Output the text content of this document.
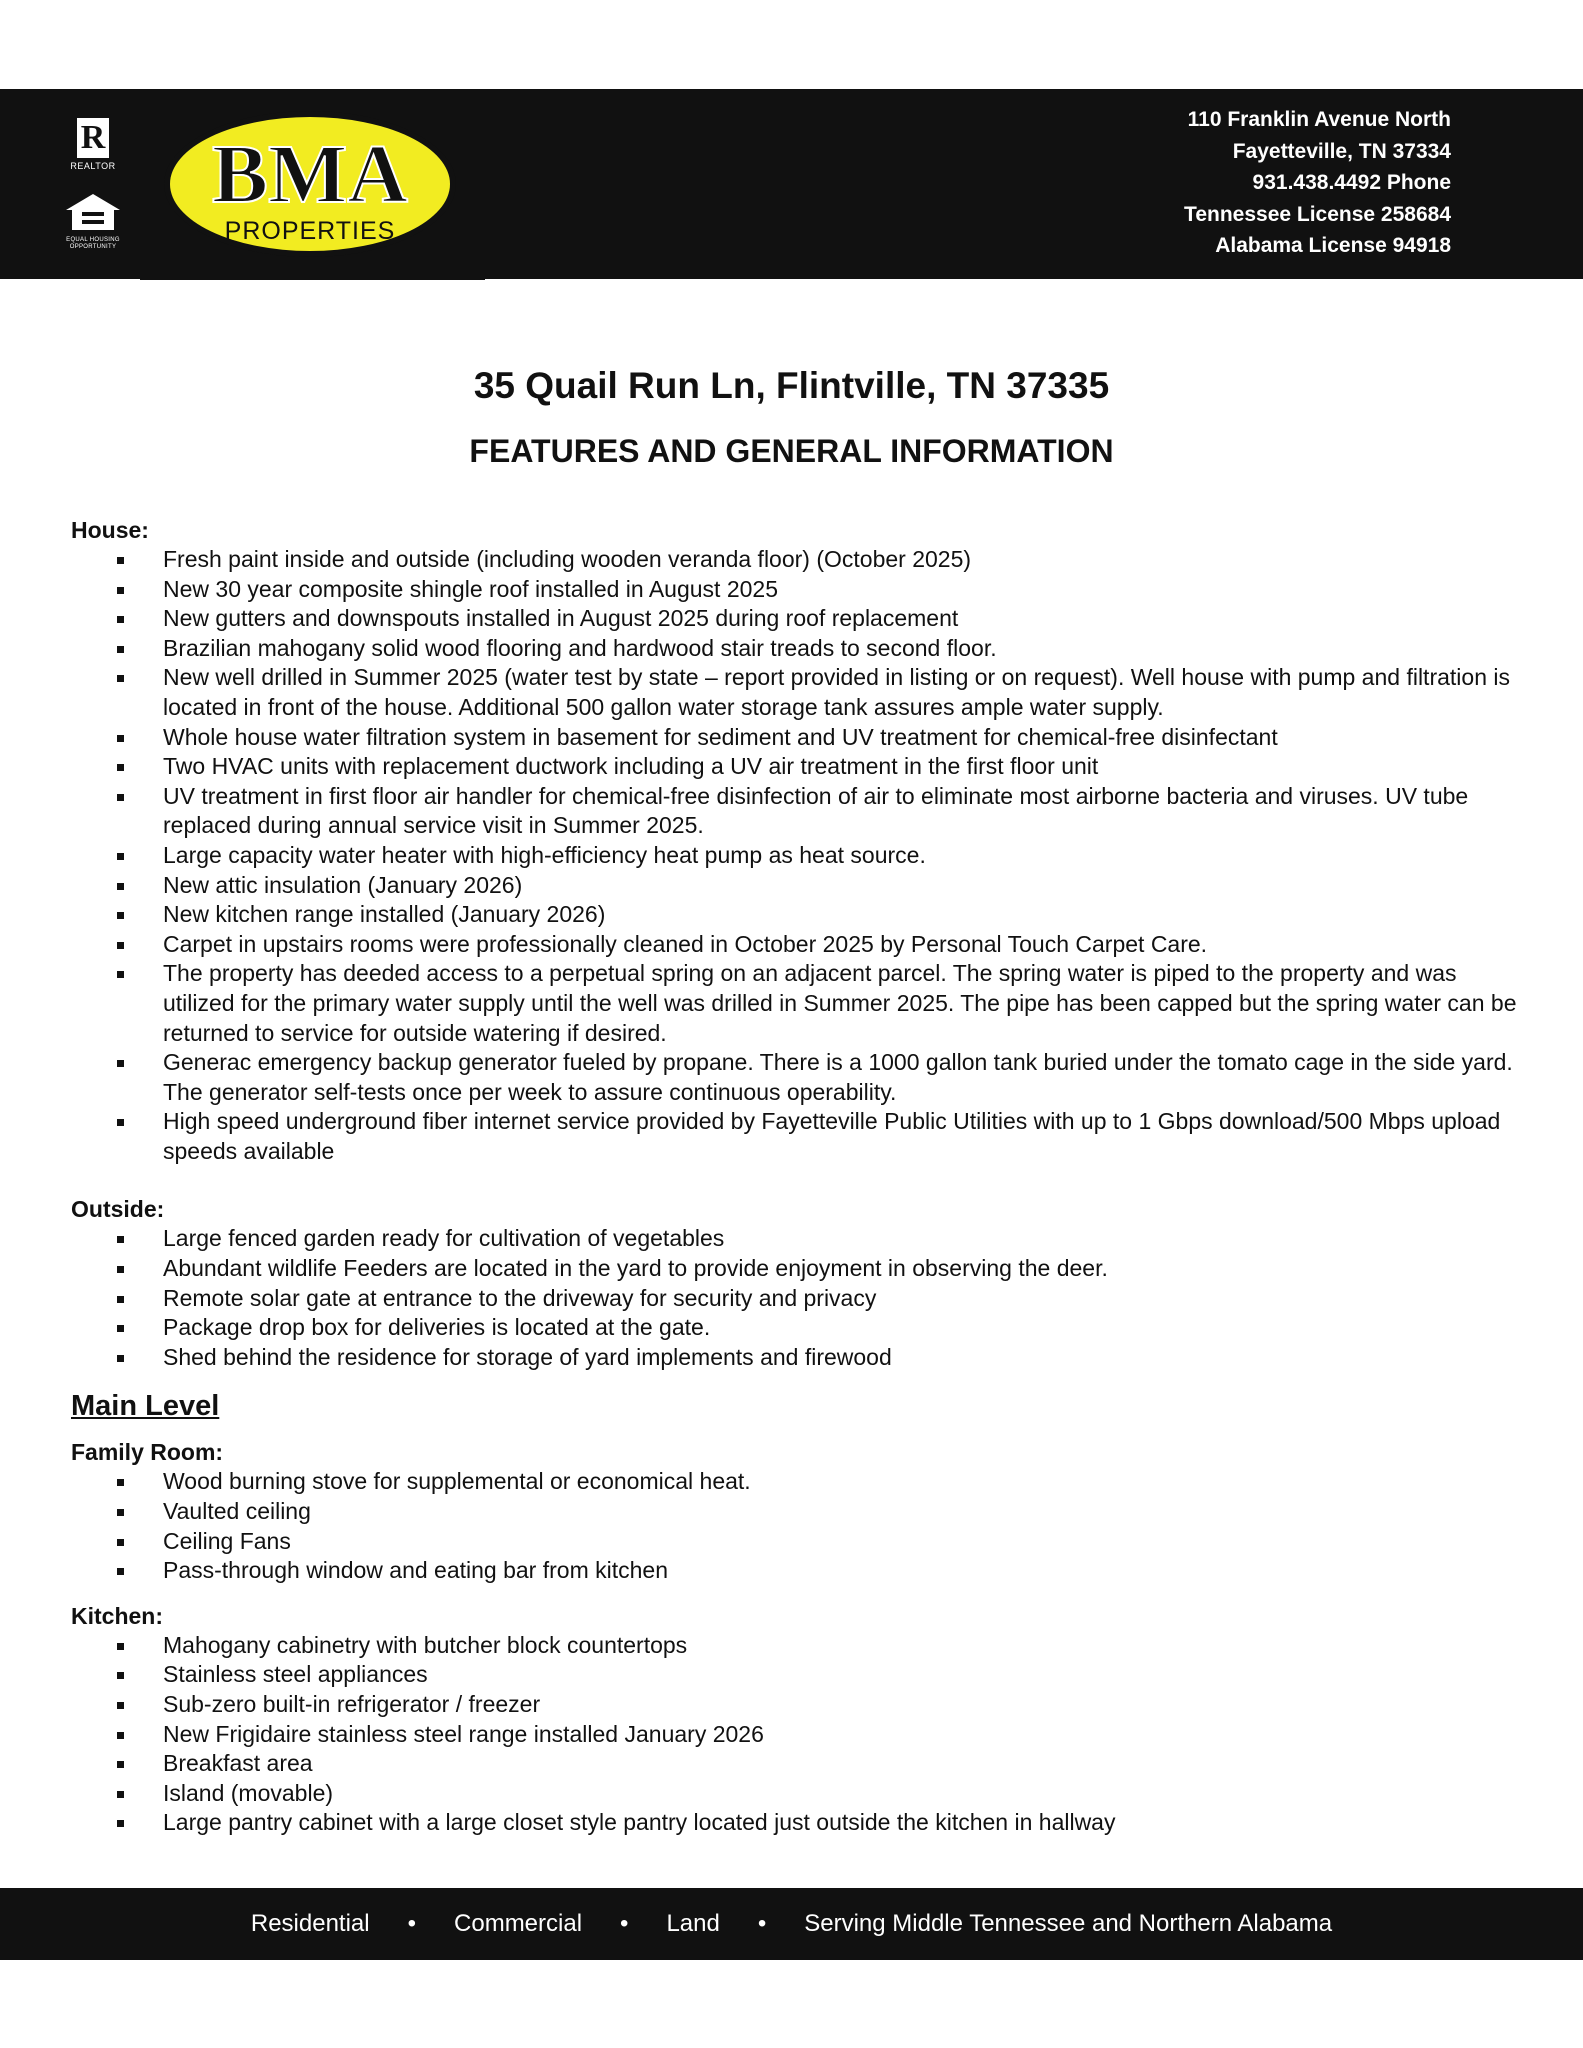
R
REALTOR
EQUAL HOUSING OPPORTUNITY
BMA
PROPERTIES
110 Franklin Avenue North
Fayetteville, TN 37334
931.438.4492 Phone
Tennessee License 258684
Alabama License 94918
35 Quail Run Ln, Flintville, TN 37335
FEATURES AND GENERAL INFORMATION

House:

Fresh paint inside and outside (including wooden veranda floor) (October 2025)
New 30 year composite shingle roof installed in August 2025
New gutters and downspouts installed in August 2025 during roof replacement
Brazilian mahogany solid wood flooring and hardwood stair treads to second floor.
New well drilled in Summer 2025 (water test by state – report provided in listing or on request). Well house with pump and filtration is located in front of the house. Additional 500 gallon water storage tank assures ample water supply.
Whole house water filtration system in basement for sediment and UV treatment for chemical-free disinfectant
Two HVAC units with replacement ductwork including a UV air treatment in the first floor unit
UV treatment in first floor air handler for chemical-free disinfection of air to eliminate most airborne bacteria and viruses. UV tube replaced during annual service visit in Summer 2025.
Large capacity water heater with high-efficiency heat pump as heat source.
New attic insulation (January 2026)
New kitchen range installed (January 2026)
Carpet in upstairs rooms were professionally cleaned in October 2025 by Personal Touch Carpet Care.
The property has deeded access to a perpetual spring on an adjacent parcel. The spring water is piped to the property and was utilized for the primary water supply until the well was drilled in Summer 2025. The pipe has been capped but the spring water can be returned to service for outside watering if desired.
Generac emergency backup generator fueled by propane. There is a 1000 gallon tank buried under the tomato cage in the side yard. The generator self-tests once per week to assure continuous operability.
High speed underground fiber internet service provided by Fayetteville Public Utilities with up to 1 Gbps download/500 Mbps upload speeds available

Outside:

Large fenced garden ready for cultivation of vegetables
Abundant wildlife Feeders are located in the yard to provide enjoyment in observing the deer.
Remote solar gate at entrance to the driveway for security and privacy
Package drop box for deliveries is located at the gate.
Shed behind the residence for storage of yard implements and firewood

Main Level

Family Room:

Wood burning stove for supplemental or economical heat.
Vaulted ceiling
Ceiling Fans
Pass-through window and eating bar from kitchen

Kitchen:

Mahogany cabinetry with butcher block countertops
Stainless steel appliances
Sub-zero built-in refrigerator / freezer
New Frigidaire stainless steel range installed January 2026
Breakfast area
Island (movable)
Large pantry cabinet with a large closet style pantry located just outside the kitchen in hallway
Residential • Commercial • Land • Serving Middle Tennessee and Northern Alabama
